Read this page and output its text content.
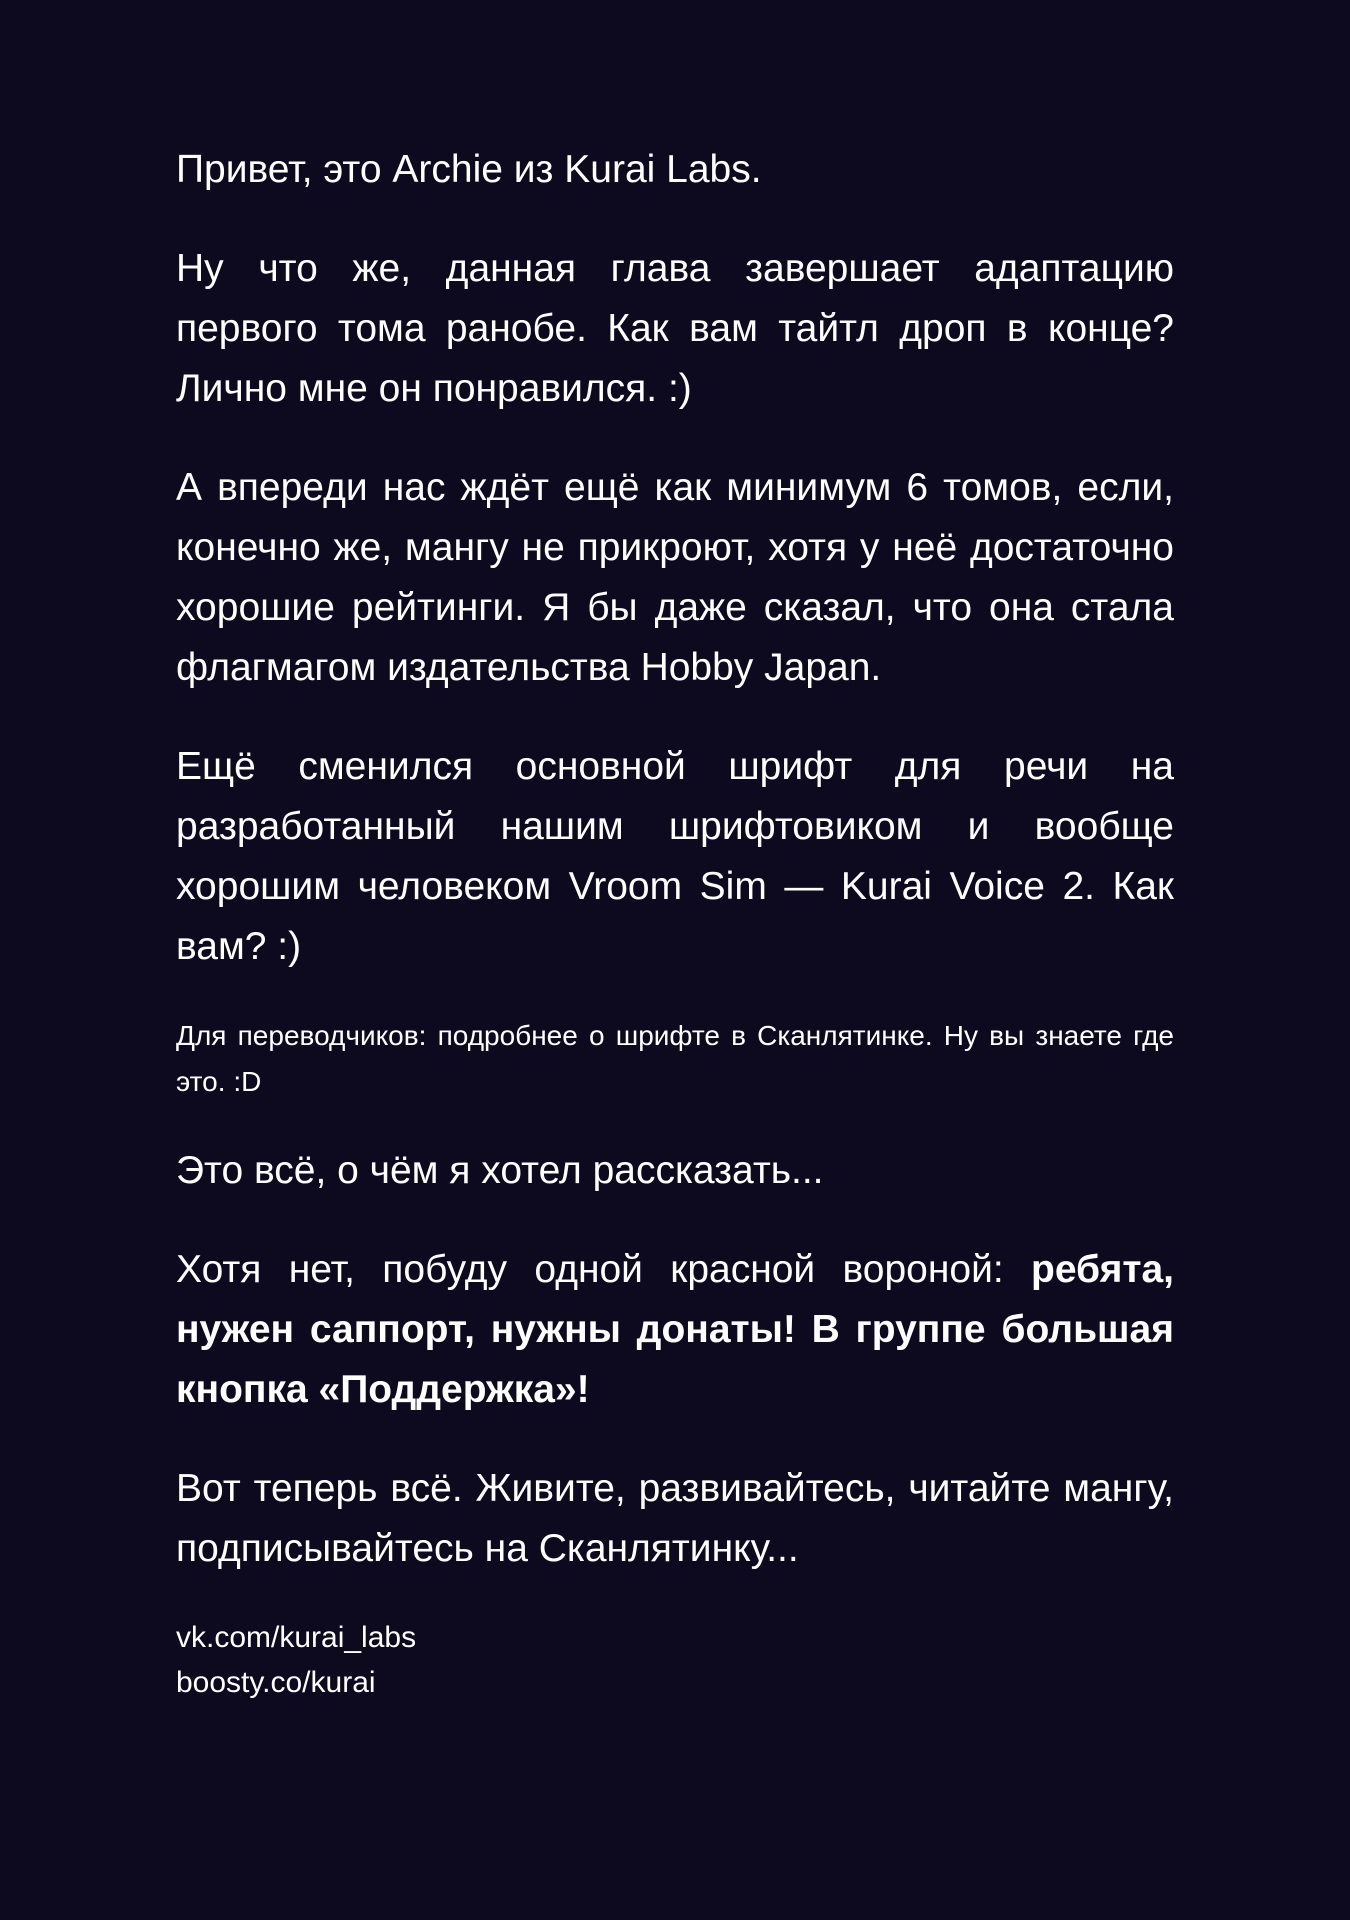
Привет, это Archie из Kurai Labs.

Ну что же, данная глава завершает адаптацию первого тома ранобе. Как вам тайтл дроп в конце? Лично мне он понравился. :)

А впереди нас ждёт ещё как минимум 6 томов, если, конечно же, мангу не прикроют, хотя у неё достаточно хорошие рейтинги. Я бы даже сказал, что она стала флагмагом издательства Hobby Japan.

Ещё сменился основной шрифт для речи на разработанный нашим шрифтовиком и вообще хорошим человеком Vroom Sim — Kurai Voice 2. Как вам? :)

Для переводчиков: подробнее о шрифте в Сканлятинке. Ну вы знаете где это. :D

Это всё, о чём я хотел рассказать...

Хотя нет, побуду одной красной вороной: ребята, нужен саппорт, нужны донаты! В группе большая кнопка «Поддержка»!

Вот теперь всё. Живите, развивайтесь, читайте мангу, подписывайтесь на Сканлятинку...

vk.com/kurai_labs
boosty.co/kurai
